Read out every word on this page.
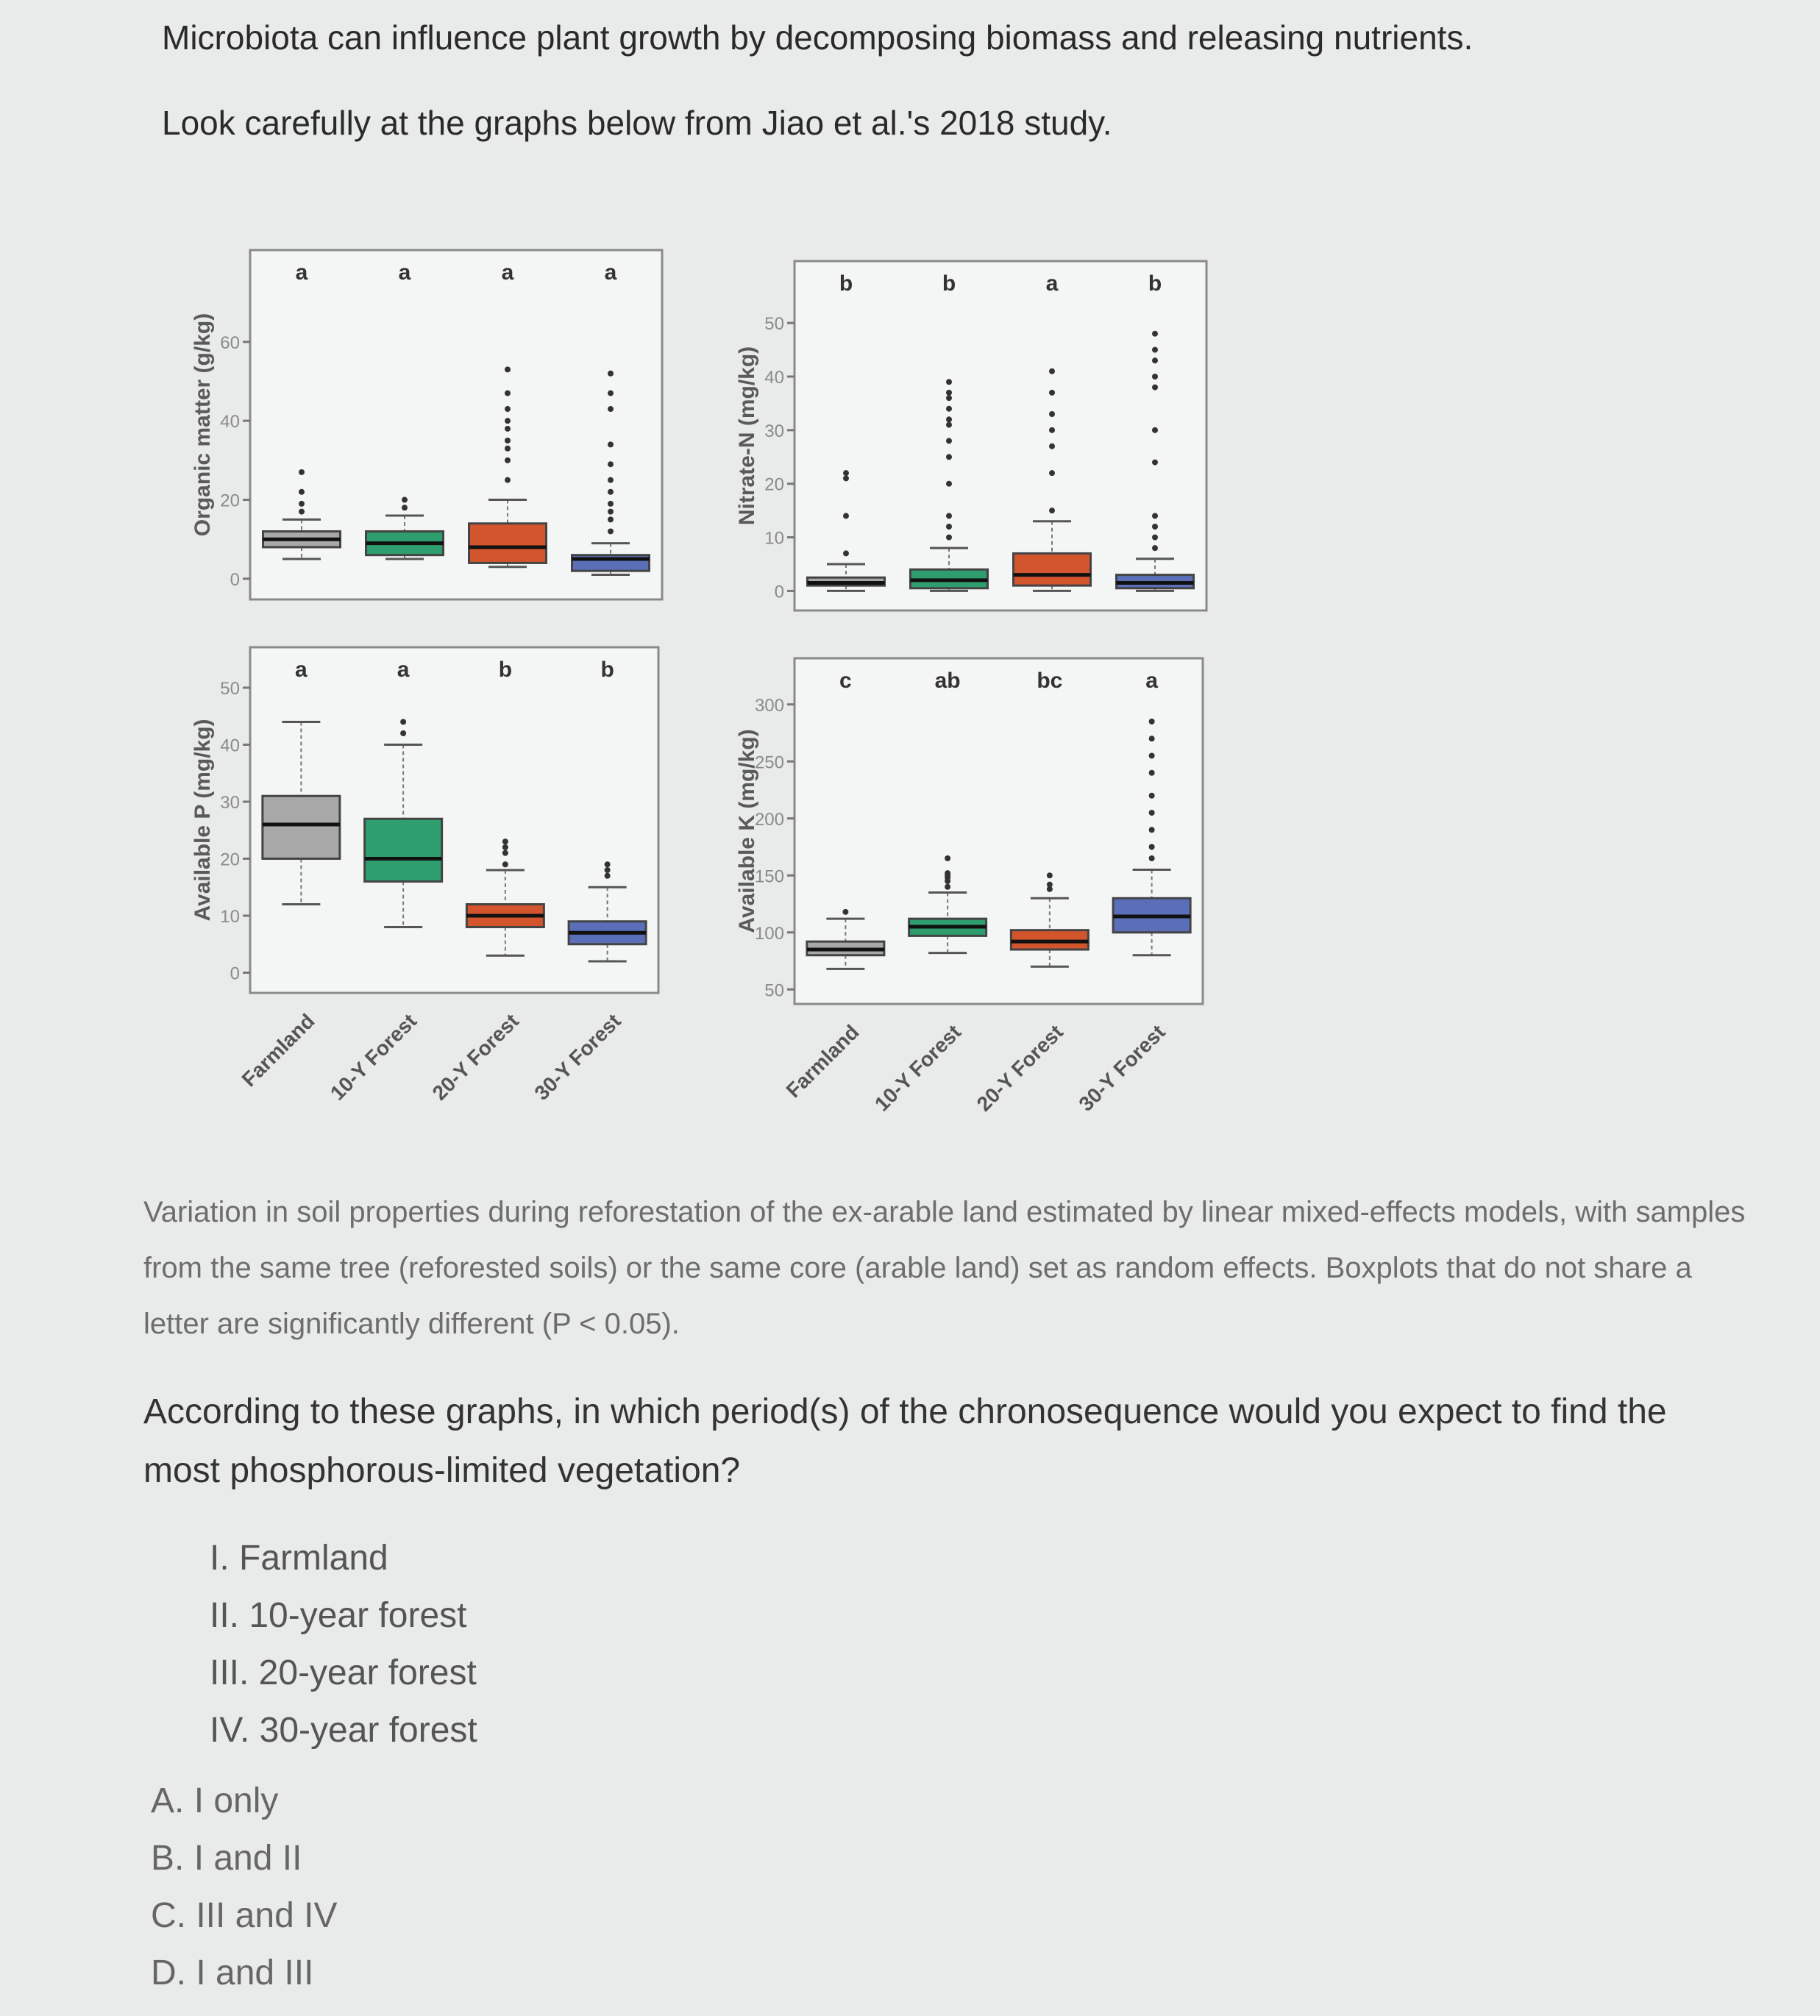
Microbiota can influence plant growth by decomposing biomass and releasing nutrients.
Look carefully at the graphs below from Jiao et al.'s 2018 study.
0
20
40
60
Organic matter (g/kg)
a	a	a	a
0
10
20
30
40
50
Nitrate-N (mg/kg)
b	b	a	b
0
10
20
30
40
50
Available P (mg/kg)
a	a	b	b
Farmland 10-Y Forest 20-Y Forest 30-Y Forest
50
100
150
200
250
300
Available K (mg/kg)
c	ab	bc	a
Farmland 10-Y Forest 20-Y Forest 30-Y Forest
Variation in soil properties during reforestation of the ex-arable land estimated by linear mixed-effects models, with samples from the same tree (reforested soils) or the same core (arable land) set as random effects. Boxplots that do not share a letter are significantly different (P < 0.05).
According to these graphs, in which period(s) of the chronosequence would you expect to find the most phosphorous-limited vegetation?
I. Farmland
II. 10-year forest
III. 20-year forest
IV. 30-year forest
A. I only
B. I and II
C. III and IV
D. I and III
